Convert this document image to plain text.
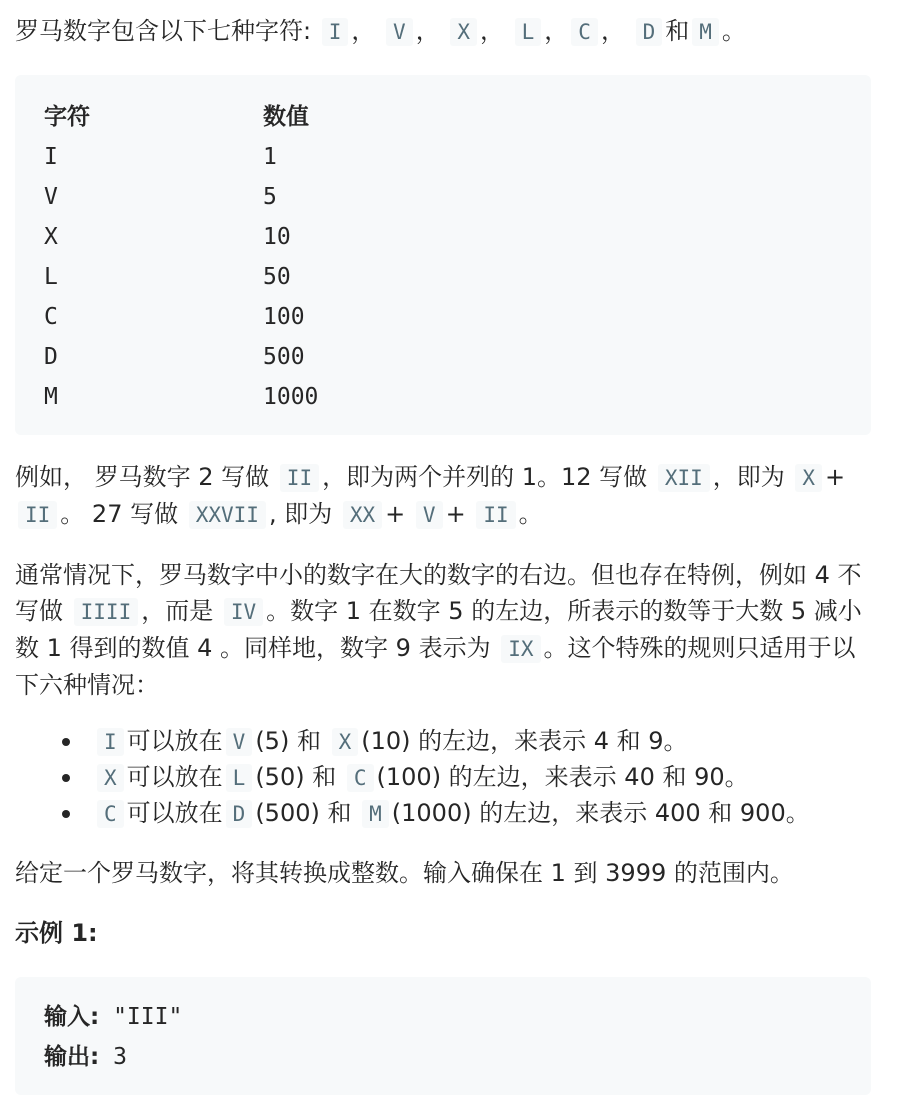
罗马数字包含以下七种字符: I ， V ， X ， L ， C ， D 和 M 。

字符	数值
I	1
V	5
X	10
L	50
C	100
D	500
M	1000

例如， 罗马数字 2 写做 II ，即为两个并列的 1。12 写做 XII ，即为 X + II 。 27 写做 XXVII , 即为 XX + V + II 。

通常情况下，罗马数字中小的数字在大的数字的右边。但也存在特例，例如 4 不写做 IIII ，而是 IV 。数字 1 在数字 5 的左边，所表示的数等于大数 5 减小数 1 得到的数值 4 。同样地，数字 9 表示为 IX 。这个特殊的规则只适用于以下六种情况：

I 可以放在 V (5) 和 X (10) 的左边，来表示 4 和 9。
X 可以放在 L (50) 和 C (100) 的左边，来表示 40 和 90。
C 可以放在 D (500) 和 M (1000) 的左边，来表示 400 和 900。

给定一个罗马数字，将其转换成整数。输入确保在 1 到 3999 的范围内。

示例 1:

输入: "III"
输出: 3
